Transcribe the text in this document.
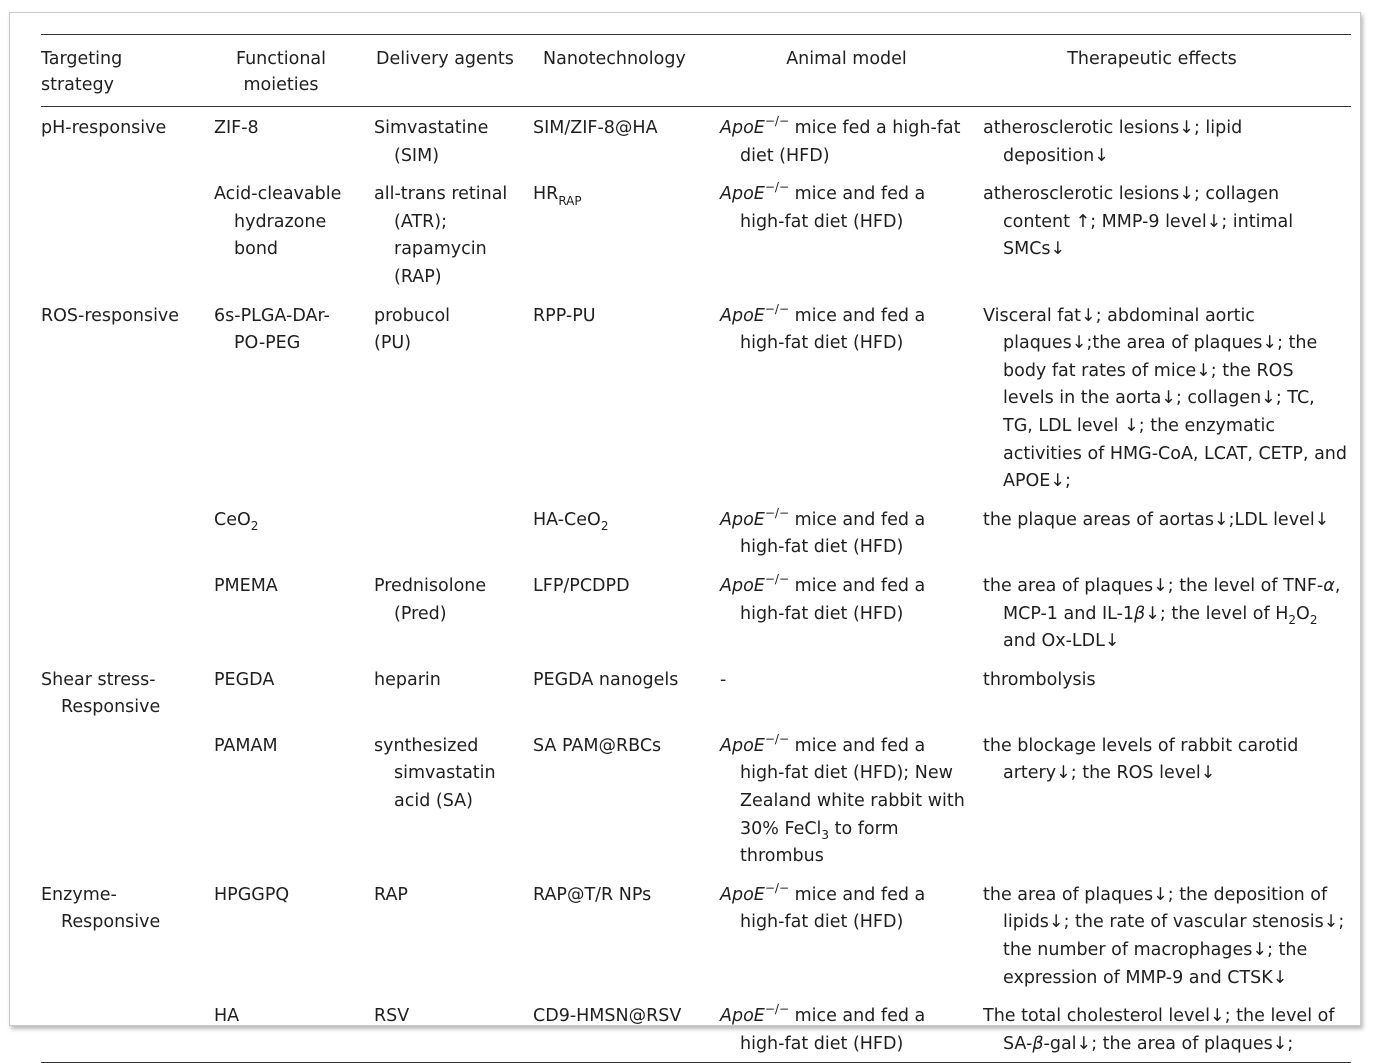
Targeting strategy	Functional moieties	Delivery agents	Nanotechnology	Animal model	Therapeutic effects

pH-responsive	ZIF-8	Simvastatine (SIM)	SIM/ZIF-8@HA	ApoE−/− mice fed a high-fat diet (HFD)	atherosclerotic lesions↓; lipid deposition↓

	Acid-cleavable hydrazone bond	all-trans retinal (ATR); rapamycin (RAP)	$HR_{RAP}$	ApoE−/− mice and fed a high-fat diet (HFD)	atherosclerotic lesions↓; collagen content ↑; MMP-9 level↓; intimal SMCs↓

ROS-responsive	6s-PLGA-DAr-PO-PEG	probucol (PU)	RPP-PU	ApoE−/− mice and fed a high-fat diet (HFD)	Visceral fat↓; abdominal aortic plaques↓;the area of plaques↓; the body fat rates of mice↓; the ROS levels in the aorta↓; collagen↓; TC, TG, LDL level ↓; the enzymatic activities of HMG-CoA, LCAT, CETP, and APOE↓;

	CeO$_2$		HA-CeO$_2$	ApoE−/− mice and fed a high-fat diet (HFD)	the plaque areas of aortas↓;LDL level↓

	PMEMA	Prednisolone (Pred)	LFP/PCDPD	ApoE−/− mice and fed a high-fat diet (HFD)	the area of plaques↓; the level of TNF-α, MCP-1 and IL-1β↓; the level of $H_2O_2$ and Ox-LDL↓

Shear stress-Responsive	PEGDA	heparin	PEGDA nanogels	-	thrombolysis

	PAMAM	synthesized simvastatin acid (SA)	SA PAM@RBCs	ApoE−/− mice and fed a high-fat diet (HFD); New Zealand white rabbit with 30% FeCl$_3$ to form thrombus	the blockage levels of rabbit carotid artery↓; the ROS level↓

Enzyme-Responsive	HPGGPQ	RAP	RAP@T/R NPs	ApoE−/− mice and fed a high-fat diet (HFD)	the area of plaques↓; the deposition of lipids↓; the rate of vascular stenosis↓; the number of macrophages↓; the expression of MMP-9 and CTSK↓

	HA	RSV	CD9-HMSN@RSV	ApoE−/− mice and fed a high-fat diet (HFD)	The total cholesterol level↓; the level of SA-β-gal↓; the area of plaques↓;
